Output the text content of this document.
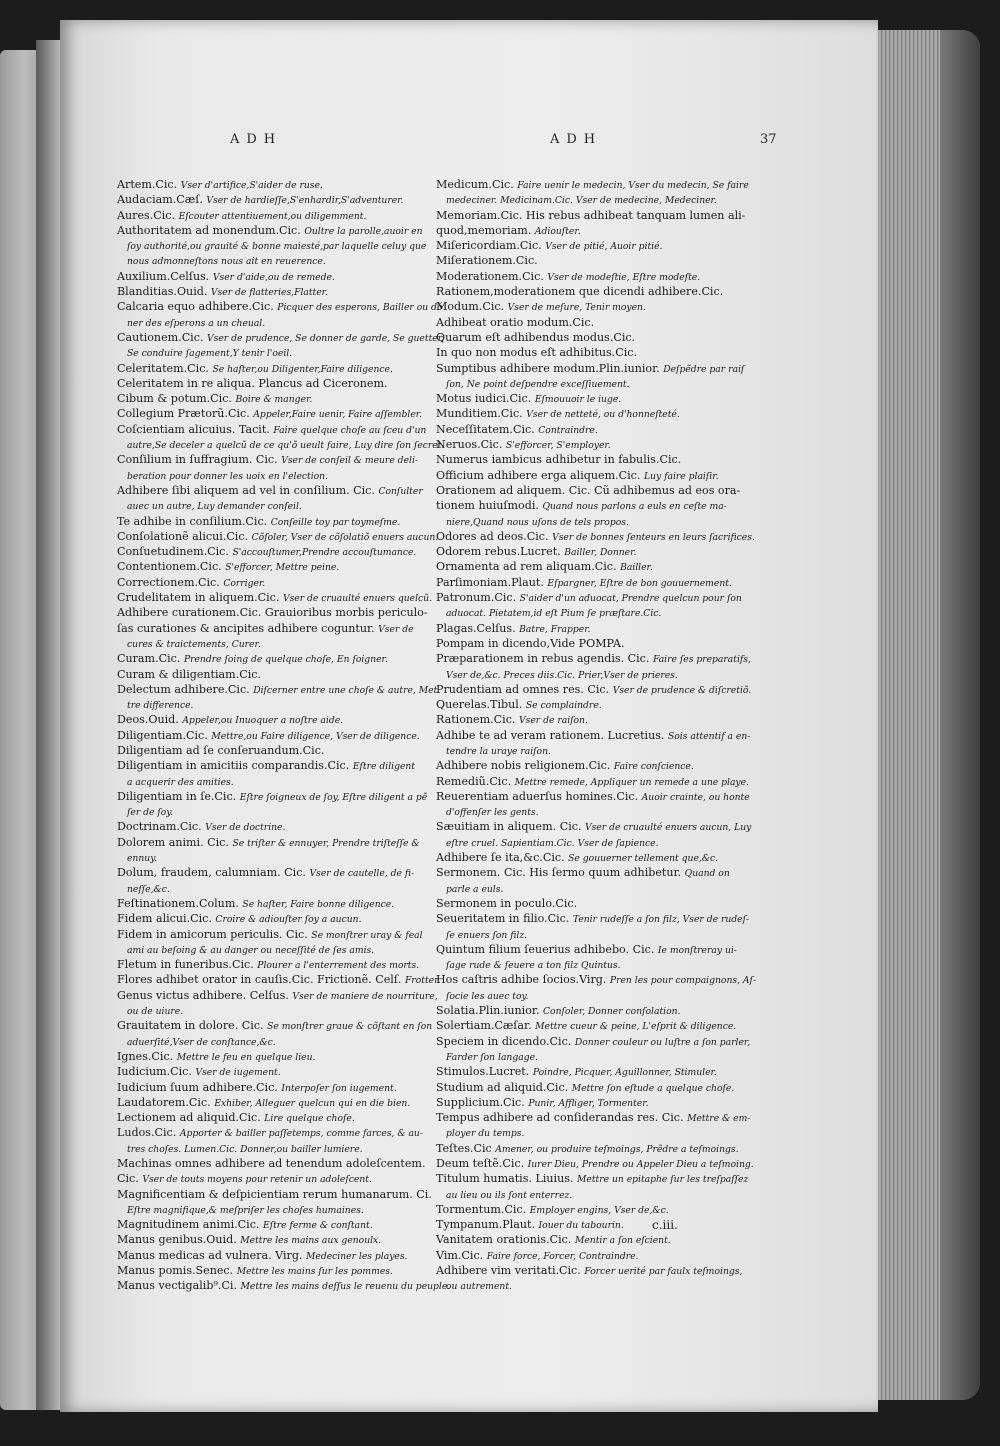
ADH	ADH	37
Artem.Cic. Vser d'artifice,S'aider de ruse.
Audaciam.Cæſ. Vser de hardieſſe,S'enhardir,S'adventurer.
Aures.Cic. Eſcouter attentiuement,ou diligemment.
Authoritatem ad monendum.Cic. Oultre la parolle,auoir en
ſoy authorité,ou grauité & bonne maiesté,par laquelle celuy que
nous admonneſtons nous ait en reuerence.
Auxilium.Celſus. Vser d'aide,ou de remede.
Blanditias.Ouid. Vser de flatteries,Flatter.
Calcaria equo adhibere.Cic. Picquer des esperons, Bailler ou dó
ner des eſperons a un cheual.
Cautionem.Cic. Vser de prudence, Se donner de garde, Se guetter,
Se conduire ſagement,Y tenir l'oeil.
Celeritatem.Cic. Se haſter,ou Diligenter,Faire diligence.
Celeritatem in re aliqua. Plancus ad Ciceronem.
Cibum & potum.Cic. Boire & manger.
Collegium Prætorũ.Cic. Appeler,Faire uenir, Faire aſſembler.
Coſcientiam alicuius. Tacit. Faire quelque choſe au ſceu d'un
autre,Se deceler a quelcũ de ce qu'õ ueult faire, Luy dire ſon ſecret.
Conſilium in ſuffragium. Cic. Vser de conſeil & meure deli-
beration pour donner les uoix en l'election.
Adhibere ſibi aliquem ad vel in conſilium. Cic. Conſulter
auec un autre, Luy demander conſeil.
Te adhibe in conſilium.Cic. Conſeille toy par toymeſme.
Conſolationẽ alicui.Cic. Cõſoler, Vser de cõſolatiõ enuers aucun.
Conſuetudinem.Cic. S'accouſtumer,Prendre accouſtumance.
Contentionem.Cic. S'efforcer, Mettre peine.
Correctionem.Cic. Corriger.
Crudelitatem in aliquem.Cic. Vser de cruaulté enuers quelcũ.
Adhibere curationem.Cic. Grauioribus morbis periculo-
ſas curationes & ancipites adhibere coguntur. Vser de
cures & traictements, Curer.
Curam.Cic. Prendre ſoing de quelque choſe, En ſoigner.
Curam & diligentiam.Cic.
Delectum adhibere.Cic. Diſcerner entre une choſe & autre, Met
tre difference.
Deos.Ouid. Appeler,ou Inuoquer a noſtre aide.
Diligentiam.Cic. Mettre,ou Faire diligence, Vser de diligence.
Diligentiam ad ſe conſeruandum.Cic.
Diligentiam in amicitiis comparandis.Cic. Eſtre diligent
a acquerir des amities.
Diligentiam in ſe.Cic. Eſtre ſoigneux de ſoy, Eſtre diligent a pẽ
ſer de ſoy.
Doctrinam.Cic. Vser de doctrine.
Dolorem animi. Cic. Se triſter & ennuyer, Prendre triſteſſe &
ennuy.
Dolum, fraudem, calumniam. Cic. Vser de cautelle, de fi-
neſſe,&c.
Feſtinationem.Colum. Se haſter, Faire bonne diligence.
Fidem alicui.Cic. Croire & adiouſter ſoy a aucun.
Fidem in amicorum periculis. Cic. Se monſtrer uray & feal
ami au beſoing & au danger ou neceſſité de ſes amis.
Fletum in funeribus.Cic. Plourer a l'enterrement des morts.
Flores adhibet orator in cauſis.Cic. Frictionẽ. Celſ. Frotter.
Genus victus adhibere. Celſus. Vser de maniere de nourriture,
ou de uiure.
Grauitatem in dolore. Cic. Se monſtrer graue & cõſtant en ſon
aduerſité,Vser de conſtance,&c.
Ignes.Cic. Mettre le feu en quelque lieu.
Iudicium.Cic. Vser de iugement.
Iudicium ſuum adhibere.Cic. Interpoſer ſon iugement.
Laudatorem.Cic. Exhiber, Alleguer quelcun qui en die bien.
Lectionem ad aliquid.Cic. Lire quelque choſe.
Ludos.Cic. Apporter & bailler paſſetemps, comme farces, & au-
tres choſes. Lumen.Cic. Donner,ou bailler lumiere.
Machinas omnes adhibere ad tenendum adoleſcentem.
Cic. Vser de touts moyens pour retenir un adoleſcent.
Magnificentiam & deſpicientiam rerum humanarum. Ci.
Eſtre magnifique,& meſpriſer les choſes humaines.
Magnitudinem animi.Cic. Eſtre ferme & conſtant.
Manus genibus.Ouid. Mettre les mains aux genoulx.
Manus medicas ad vulnera. Virg. Medeciner les playes.
Manus pomis.Senec. Mettre les mains ſur les pommes.
Manus vectigalib⁹.Ci. Mettre les mains deſſus le reuenu du peuple.
Medicum.Cic. Faire uenir le medecin, Vser du medecin, Se faire
medeciner. Medicinam.Cic. Vser de medecine, Medeciner.
Memoriam.Cic. His rebus adhibeat tanquam lumen ali-
quod,memoriam. Adiouſter.
Miſericordiam.Cic. Vser de pitié, Auoir pitié.
Miſerationem.Cic.
Moderationem.Cic. Vser de modeſtie, Eſtre modeſte.
Rationem,moderationem que dicendi adhibere.Cic.
Modum.Cic. Vser de meſure, Tenir moyen.
Adhibeat oratio modum.Cic.
Quarum eſt adhibendus modus.Cic.
In quo non modus eſt adhibitus.Cic.
Sumptibus adhibere modum.Plin.iunior. Deſpẽdre par raiſ
ſon, Ne point deſpendre exceſſiuement.
Motus iudici.Cic. Eſmouuoir le iuge.
Munditiem.Cic. Vser de netteté, ou d'honneſteté.
Neceſſitatem.Cic. Contraindre.
Neruos.Cic. S'efforcer, S'employer.
Numerus iambicus adhibetur in fabulis.Cic.
Officium adhibere erga aliquem.Cic. Luy faire plaiſir.
Orationem ad aliquem. Cic. Cũ adhibemus ad eos ora-
tionem huiuſmodi. Quand nous parlons a euls en ceſte ma-
niere,Quand nous uſons de tels propos.
Odores ad deos.Cic. Vser de bonnes ſenteurs en leurs ſacrifices.
Odorem rebus.Lucret. Bailler, Donner.
Ornamenta ad rem aliquam.Cic. Bailler.
Parſimoniam.Plaut. Eſpargner, Eſtre de bon gouuernement.
Patronum.Cic. S'aider d'un aduocat, Prendre quelcun pour ſon
aduocat. Pietatem,id eſt Pium ſe præſtare.Cic.
Plagas.Celſus. Batre, Frapper.
Pompam in dicendo,Vide POMPA.
Præparationem in rebus agendis. Cic. Faire ſes preparatifs,
Vser de,&c. Preces diis.Cic. Prier,Vser de prieres.
Prudentiam ad omnes res. Cic. Vser de prudence & diſcretiõ.
Querelas.Tibul. Se complaindre.
Rationem.Cic. Vser de raiſon.
Adhibe te ad veram rationem. Lucretius. Sois attentif a en-
tendre la uraye raiſon.
Adhibere nobis religionem.Cic. Faire conſcience.
Remediũ.Cic. Mettre remede, Appliquer un remede a une playe.
Reuerentiam aduerſus homines.Cic. Auoir crainte, ou honte
d'offenſer les gents.
Sæuitiam in aliquem. Cic. Vser de cruaulté enuers aucun, Luy
eſtre cruel. Sapientiam.Cic. Vser de ſapience.
Adhibere ſe ita,&c.Cic. Se gouuerner tellement que,&c.
Sermonem. Cic. His ſermo quum adhibetur. Quand on
parle a euls.
Sermonem in poculo.Cic.
Seueritatem in filio.Cic. Tenir rudeſſe a ſon filz, Vser de rudeſ-
ſe enuers ſon filz.
Quintum filium ſeuerius adhibebo. Cic. Ie monſtreray ui-
ſage rude & ſeuere a ton filz Quintus.
Hos caſtris adhibe ſocios.Virg. Pren les pour compaignons, Aſ-
ſocie les auec toy.
Solatia.Plin.iunior. Conſoler, Donner conſolation.
Solertiam.Cæſar. Mettre cueur & peine, L'eſprit & diligence.
Speciem in dicendo.Cic. Donner couleur ou luſtre a ſon parler,
Farder ſon langage.
Stimulos.Lucret. Poindre, Picquer, Aguillonner, Stimuler.
Studium ad aliquid.Cic. Mettre ſon eſtude a quelque choſe.
Supplicium.Cic. Punir, Affliger, Tormenter.
Tempus adhibere ad conſiderandas res. Cic. Mettre & em-
ployer du temps.
Teſtes.Cic Amener, ou produire teſmoings, Prẽdre a teſmoings.
Deum teſtẽ.Cic. Iurer Dieu, Prendre ou Appeler Dieu a teſmoing.
Titulum humatis. Liuius. Mettre un epitaphe ſur les treſpaſſez
au lieu ou ils ſont enterrez.
Tormentum.Cic. Employer engins, Vser de,&c.
Tympanum.Plaut. Iouer du tabourin.
Vanitatem orationis.Cic. Mentir a ſon eſcient.
Vim.Cic. Faire force, Forcer, Contraindre.
Adhibere vim veritati.Cic. Forcer uerité par faulx teſmoings,
ou autrement.
c.iii.
